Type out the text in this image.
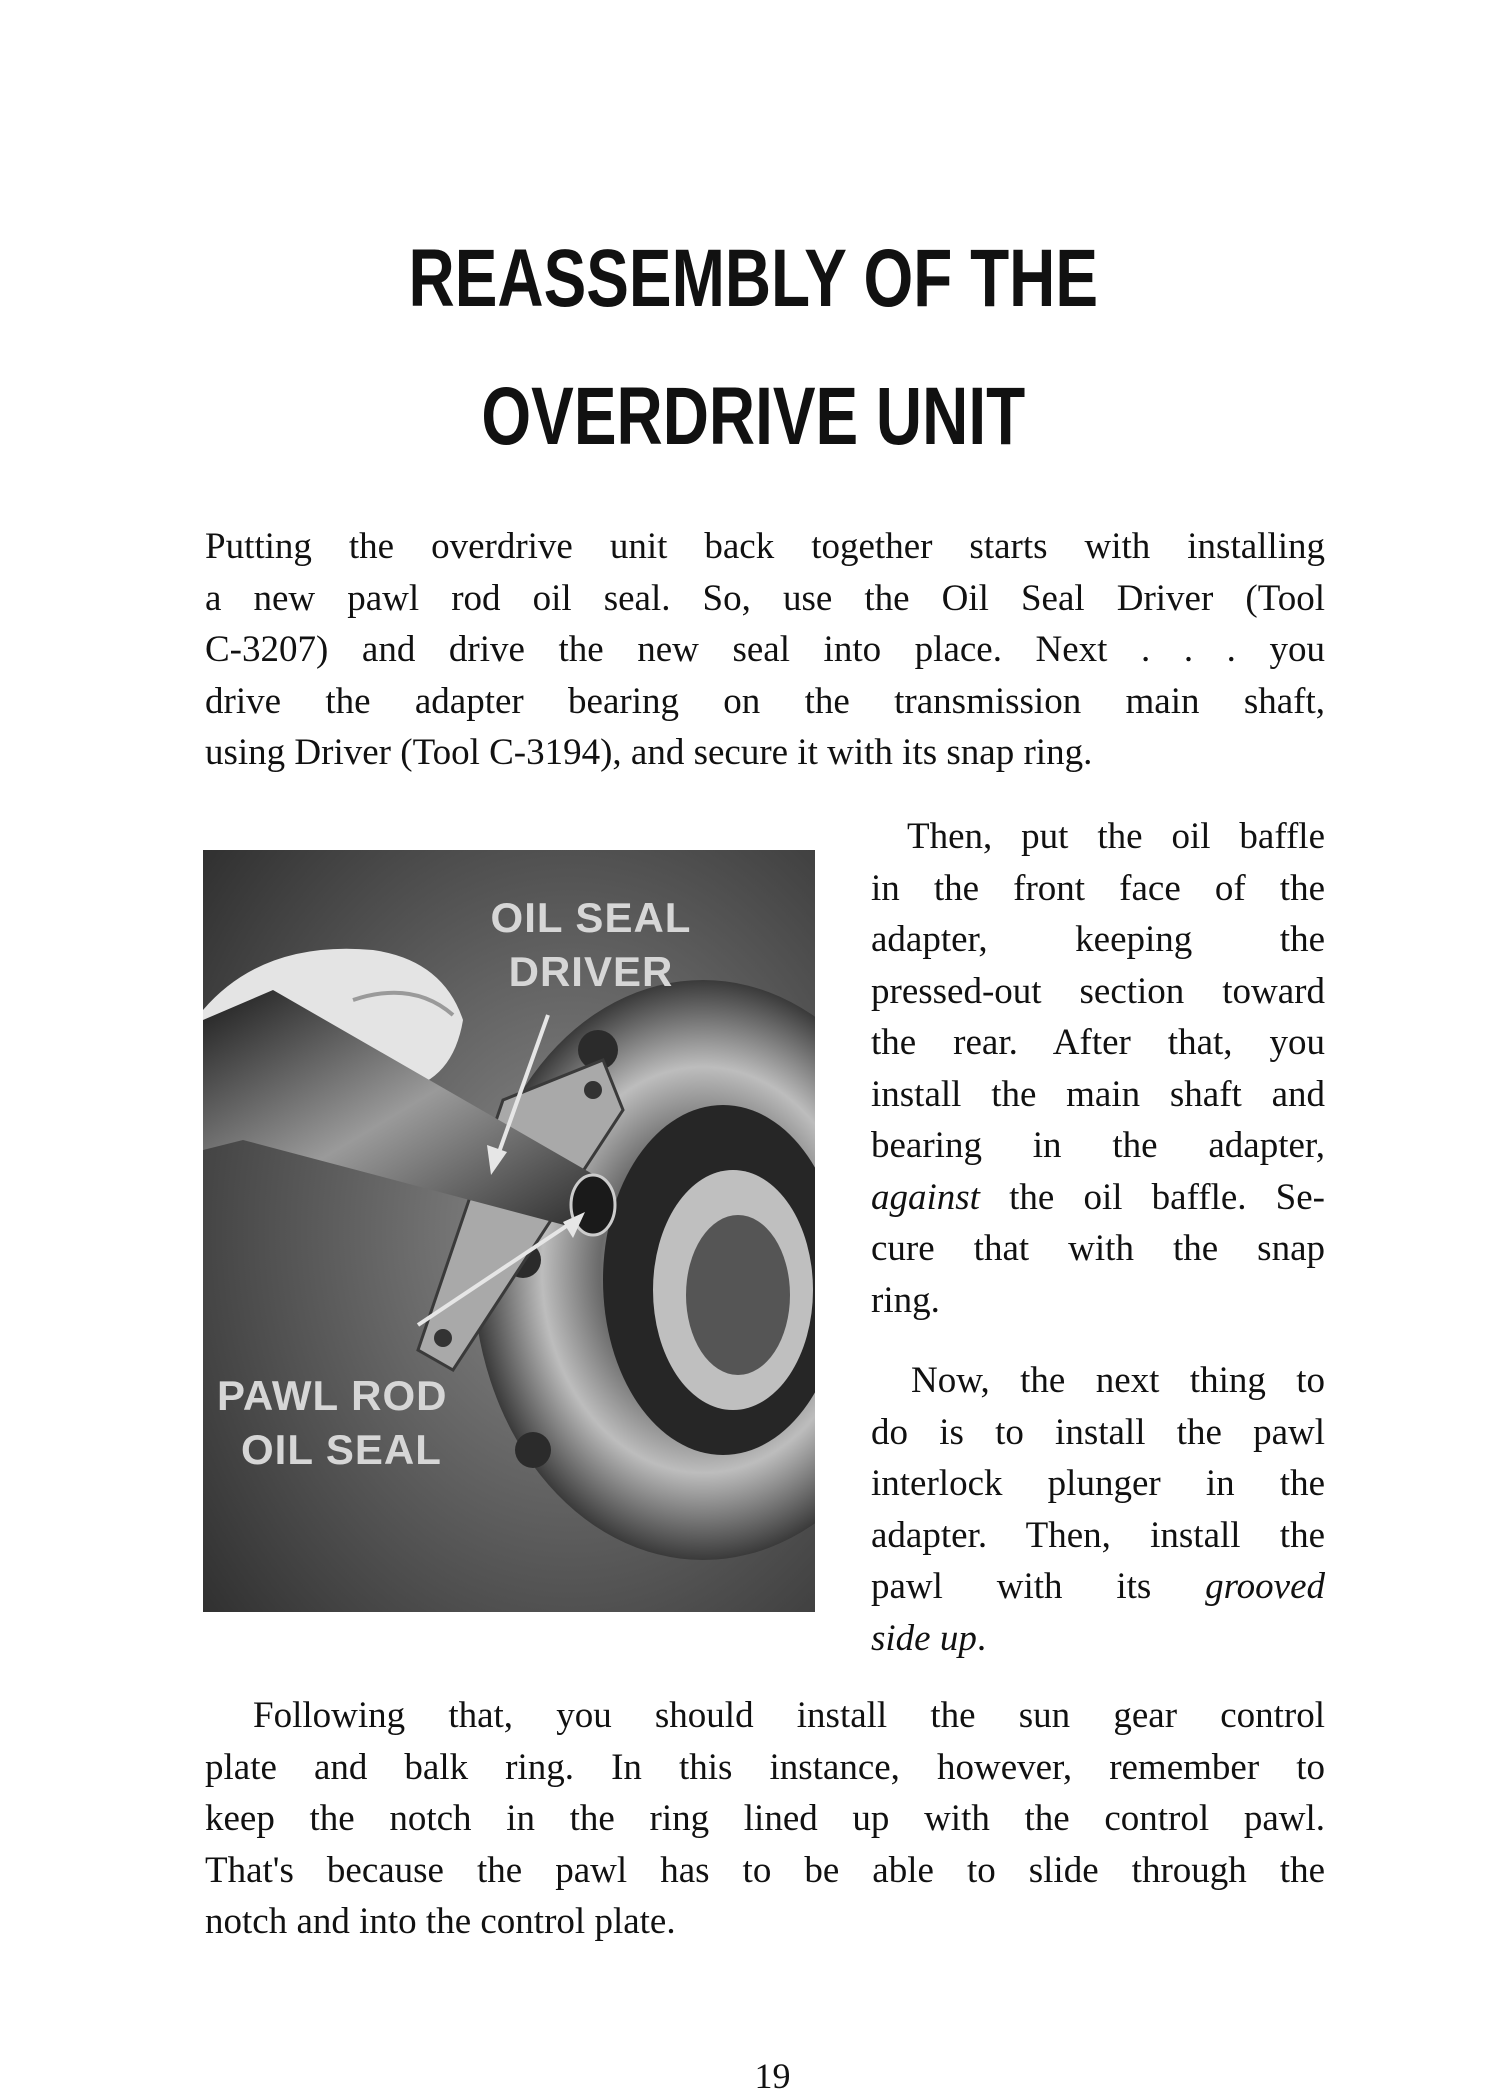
REASSEMBLY OF THE
OVERDRIVE UNIT
Putting the overdrive unit back together starts with installing
a new pawl rod oil seal. So, use the Oil Seal Driver (Tool
C-3207) and drive the new seal into place. Next . . . you
drive the adapter bearing on the transmission main shaft,
using Driver (Tool C-3194), and secure it with its snap ring.
OIL SEAL
DRIVER
PAWL ROD
OIL SEAL
Then, put the oil baffle
in the front face of the
adapter, keeping the
pressed-out section toward
the rear. After that, you
install the main shaft and
bearing in the adapter,
against the oil baffle. Se-
cure that with the snap
ring.
Now, the next thing to
do is to install the pawl
interlock plunger in the
adapter. Then, install the
pawl with its grooved
side up.
Following that, you should install the sun gear control
plate and balk ring. In this instance, however, remember to
keep the notch in the ring lined up with the control pawl.
That's because the pawl has to be able to slide through the
notch and into the control plate.
19
